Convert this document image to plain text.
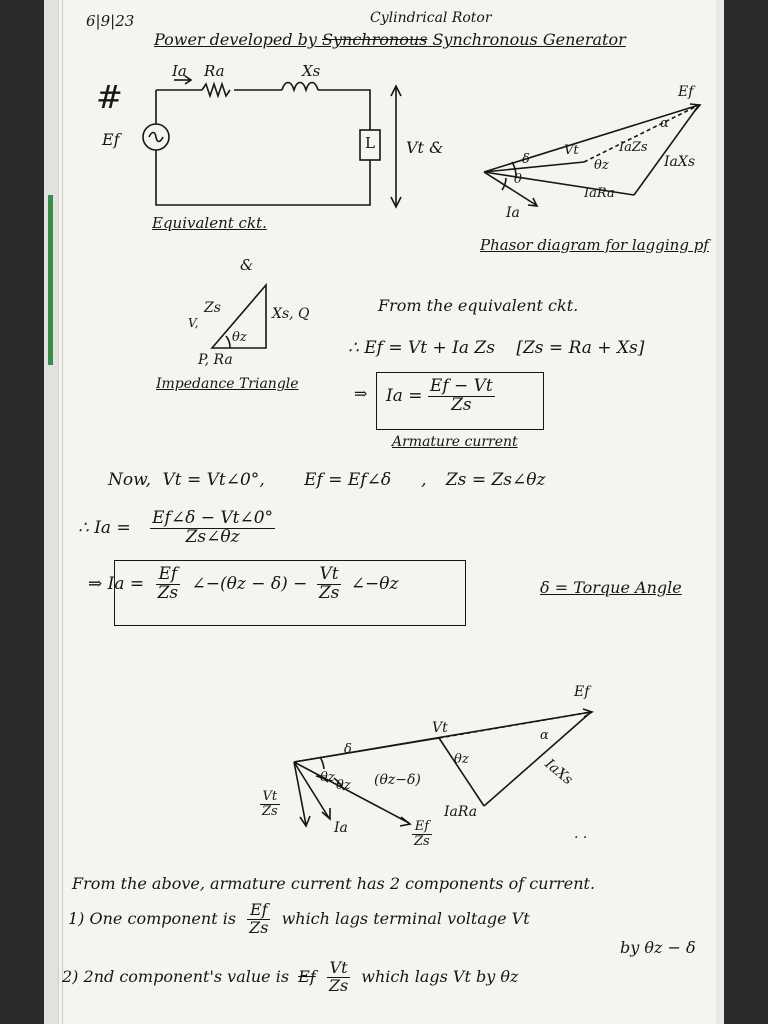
6|9|23	Cylindrical Rotor
Power developed by Synchronous Synchronous Generator
#
Ef
Ia Ra	Xs
L Vt &
Equivalent ckt.
&
Ef
α
δ
Vt
θz
IaZs
IaXs
IaRa
θ
Ia
Phasor diagram for lagging pf
Zs
V,
Xs, Q
θz
P, Ra
Impedance Triangle
From the equivalent ckt.
∴ Ef = Vt + Ia Zs [Zs = Ra + Xs]
⇒ $Ia = \frac{Ef - Vt}{Zs}$
Armature current
Now, Vt = Vt∠0°, Ef = Ef∠δ , Zs = Zs∠θz
∴ $Ia = \frac{Ef\angle\delta - Vt\angle 0^\circ}{Zs\angle\theta z}$
⇒ $Ia = \frac{Ef}{Zs}$ ∠−(θz − $\delta) - \frac{Vt}{Zs}$ ∠−θz	δ = Torque Angle
Ef
α
δ
Vt
θz
θz
θz (θz−δ)	IaXs
IaRa
Ia
$\frac{Vt}{Zs}$
$\frac{Ef}{Zs}$	. .
From the above, armature current has 2 components of current.
1) One component is $\frac{Ef}{Zs}$ which lags terminal voltage Vt
by θz − δ
2) 2nd component's value is Ef $\frac{Vt}{Zs}$ which lags Vt by θz
